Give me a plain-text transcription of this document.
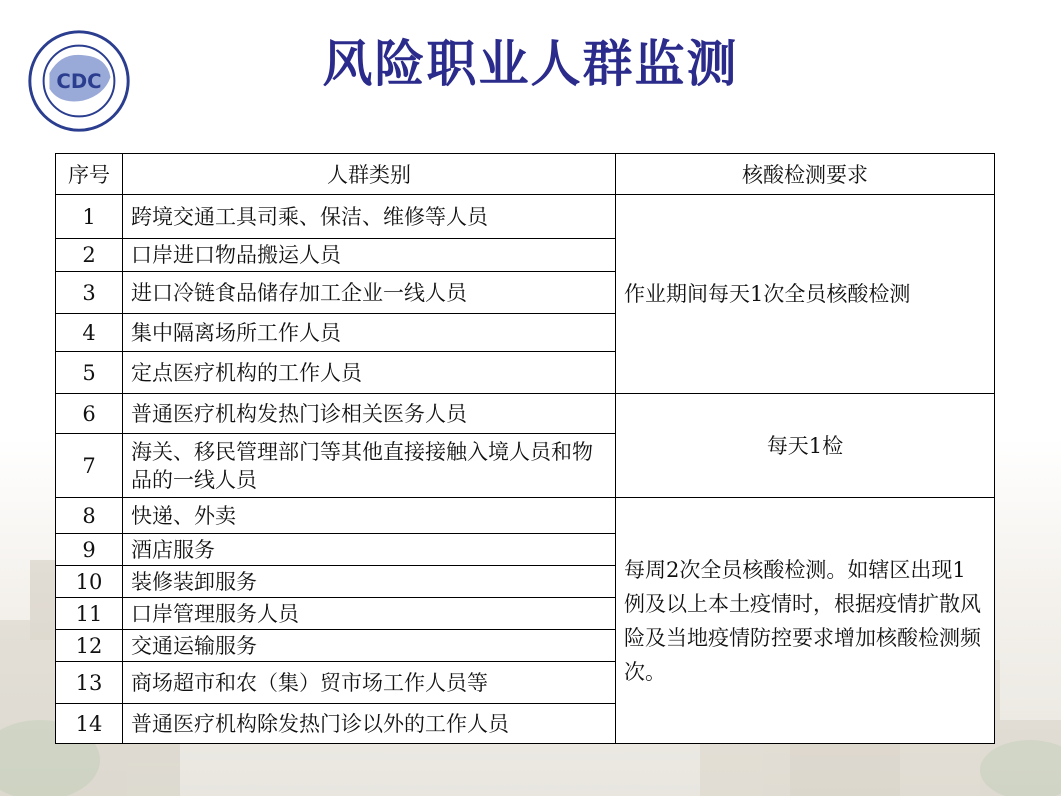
CDC	风险职业人群监测
序号	人群类别	核酸检测要求
1	跨境交通工具司乘、保洁、维修等人员	作业期间每天1次全员核酸检测
2	口岸进口物品搬运人员	
3	进口冷链食品储存加工企业一线人员	
4	集中隔离场所工作人员	
5	定点医疗机构的工作人员	
6	普通医疗机构发热门诊相关医务人员	每天1检
7	海关、移民管理部门等其他直接接触入境人员和物品的一线人员	
8	快递、外卖	每周2次全员核酸检测。如辖区出现1例及以上本土疫情时，根据疫情扩散风险及当地疫情防控要求增加核酸检测频次。
9	酒店服务	
10	装修装卸服务	
11	口岸管理服务人员	
12	交通运输服务	
13	商场超市和农（集）贸市场工作人员等	
14	普通医疗机构除发热门诊以外的工作人员	
